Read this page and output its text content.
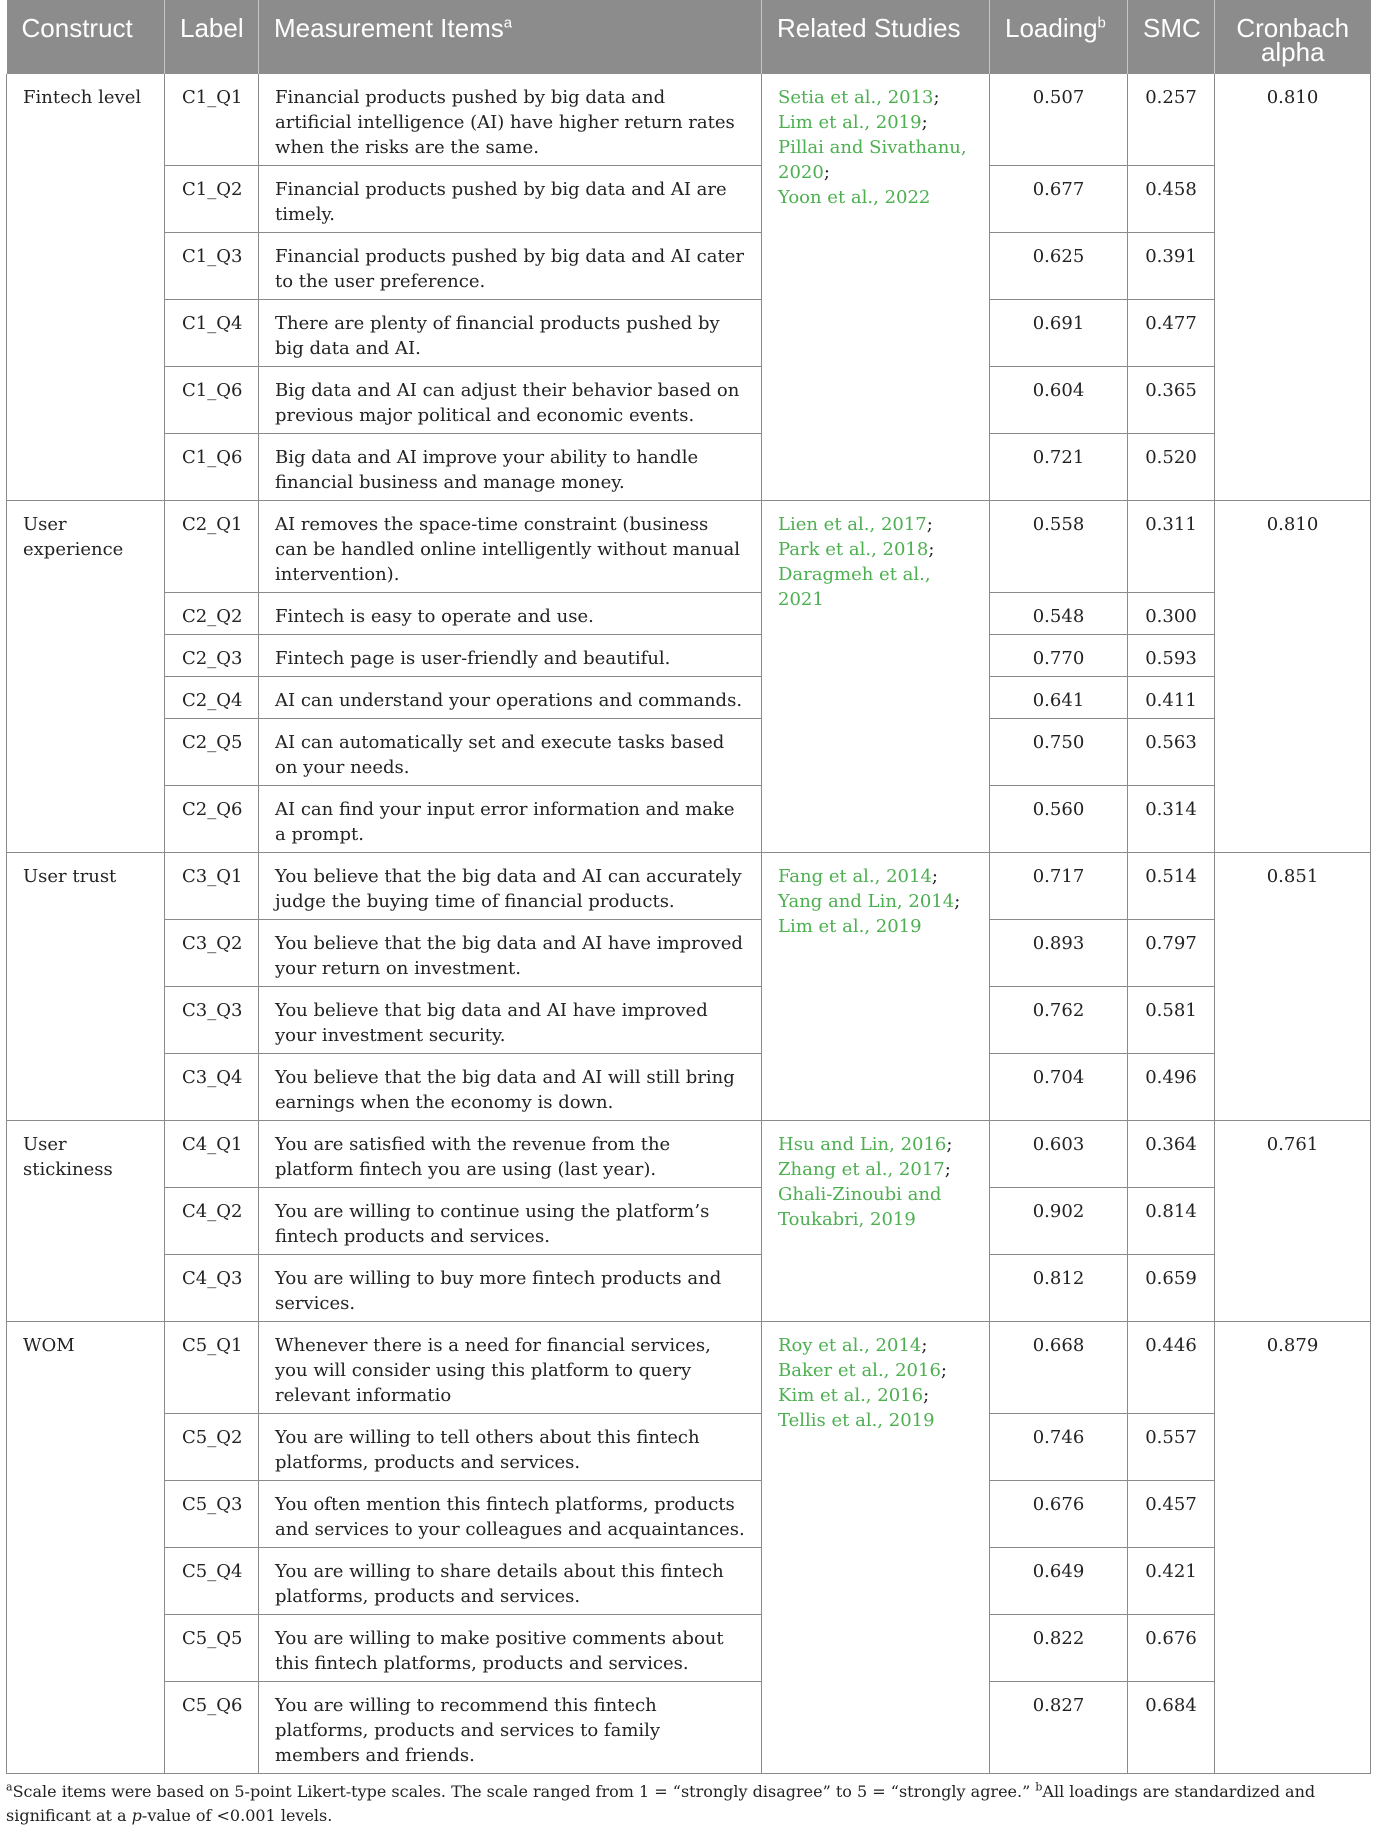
Construct	Label	Measurement Items$^a$	Related Studies	Loading$^b$	SMC	Cronbach
alpha
Fintech level	C1_Q1	Financial products pushed by big data and artificial intelligence (AI) have higher return rates when the risks are the same.	Setia et al., 2013;
Lim et al., 2019;
Pillai and Sivathanu, 2020;
Yoon et al., 2022	0.507	0.257	0.810
	C1_Q2	Financial products pushed by big data and AI are timely.		0.677	0.458	
	C1_Q3	Financial products pushed by big data and AI cater to the user preference.		0.625	0.391	
	C1_Q4	There are plenty of financial products pushed by big data and AI.		0.691	0.477	
	C1_Q6	Big data and AI can adjust their behavior based on previous major political and economic events.		0.604	0.365	
	C1_Q6	Big data and AI improve your ability to handle financial business and manage money.		0.721	0.520	
User experience	C2_Q1	AI removes the space-time constraint (business can be handled online intelligently without manual intervention).	Lien et al., 2017;
Park et al., 2018;
Daragmeh et al., 2021	0.558	0.311	0.810
	C2_Q2	Fintech is easy to operate and use.		0.548	0.300	
	C2_Q3	Fintech page is user-friendly and beautiful.		0.770	0.593	
	C2_Q4	AI can understand your operations and commands.		0.641	0.411	
	C2_Q5	AI can automatically set and execute tasks based on your needs.		0.750	0.563	
	C2_Q6	AI can find your input error information and make a prompt.		0.560	0.314	
User trust	C3_Q1	You believe that the big data and AI can accurately judge the buying time of financial products.	Fang et al., 2014;
Yang and Lin, 2014;
Lim et al., 2019	0.717	0.514	0.851
	C3_Q2	You believe that the big data and AI have improved your return on investment.		0.893	0.797	
	C3_Q3	You believe that big data and AI have improved your investment security.		0.762	0.581	
	C3_Q4	You believe that the big data and AI will still bring earnings when the economy is down.		0.704	0.496	
User stickiness	C4_Q1	You are satisfied with the revenue from the platform fintech you are using (last year).	Hsu and Lin, 2016;
Zhang et al., 2017;
Ghali-Zinoubi and Toukabri, 2019	0.603	0.364	0.761
	C4_Q2	You are willing to continue using the platform’s fintech products and services.		0.902	0.814	
	C4_Q3	You are willing to buy more fintech products and services.		0.812	0.659	
WOM	C5_Q1	Whenever there is a need for financial services, you will consider using this platform to query relevant informatio	Roy et al., 2014;
Baker et al., 2016;
Kim et al., 2016;
Tellis et al., 2019	0.668	0.446	0.879
	C5_Q2	You are willing to tell others about this fintech platforms, products and services.		0.746	0.557	
	C5_Q3	You often mention this fintech platforms, products and services to your colleagues and acquaintances.		0.676	0.457	
	C5_Q4	You are willing to share details about this fintech platforms, products and services.		0.649	0.421	
	C5_Q5	You are willing to make positive comments about this fintech platforms, products and services.		0.822	0.676	
	C5_Q6	You are willing to recommend this fintech platforms, products and services to family members and friends.		0.827	0.684	
$^a$Scale items were based on 5-point Likert-type scales. The scale ranged from 1 = “strongly disagree” to 5 = “strongly agree.” $^b$All loadings are standardized and significant at a p-value of <0.001 levels.
